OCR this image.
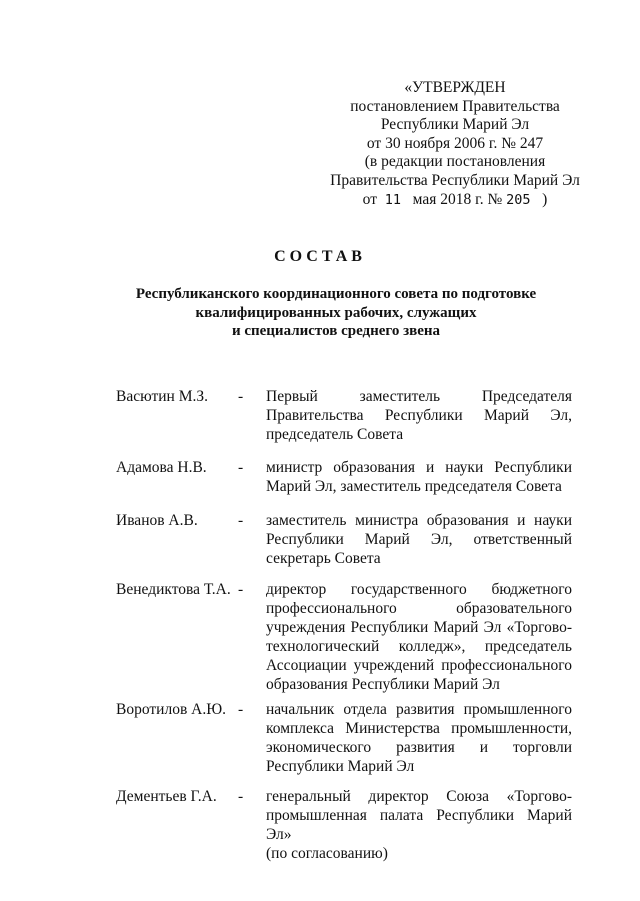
«УТВЕРЖДЕН
постановлением Правительства
Республики Марий Эл
от 30 ноября 2006 г. № 247
(в редакции постановления
Правительства Республики Марий Эл
от 11 мая 2018 г. № 205 )
СОСТАВ
Республиканского координационного совета по подготовке
квалифицированных рабочих, служащих
и специалистов среднего звена
Васютин М.З. - Первый заместитель Председателя
Правительства Республики Марий Эл,
председатель Совета
Адамова Н.В. - министр образования и науки Республики
Марий Эл, заместитель председателя Совета
Иванов А.В.	- заместитель министра образования и науки
Республики Марий Эл, ответственный
секретарь Совета
Венедиктова Т.А. - директор государственного бюджетного
профессионального образовательного
учреждения Республики Марий Эл «Торгово-
технологический колледж», председатель
Ассоциации учреждений профессионального
образования Республики Марий Эл
Воротилов А.Ю. - начальник отдела развития промышленного
комплекса Министерства промышленности,
экономического развития и торговли
Республики Марий Эл
Дементьев Г.А. - генеральный директор Союза «Торгово-
промышленная палата Республики Марий Эл»
(по согласованию)
